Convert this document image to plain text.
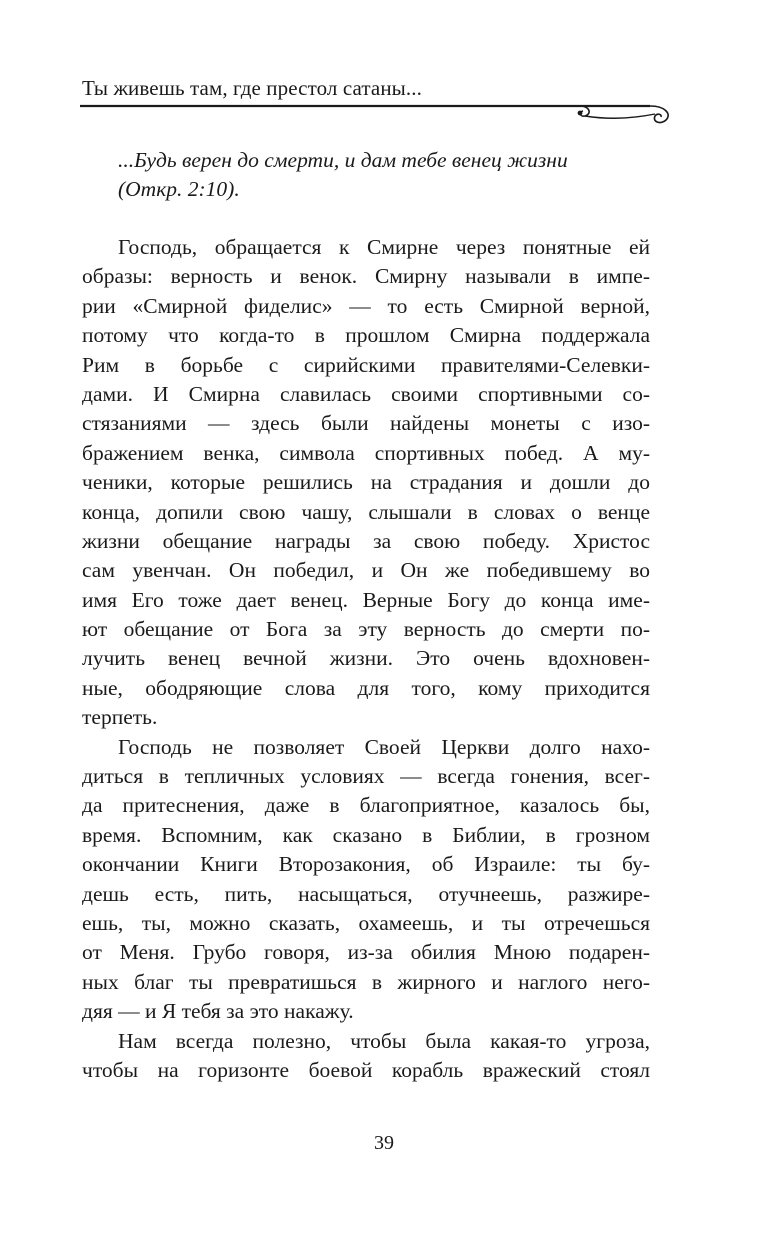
Ты живешь там, где престол сатаны...
...Будь верен до смерти, и дам тебе венец жизни
(Откр. 2:10).
Господь, обращается к Смирне через понятные ей
образы: верность и венок. Смирну называли в импе-
рии «Смирной фиделис» — то есть Смирной верной,
потому что когда-то в прошлом Смирна поддержала
Рим в борьбе с сирийскими правителями-Селевки-
дами. И Смирна славилась своими спортивными со-
стязаниями — здесь были найдены монеты с изо-
бражением венка, символа спортивных побед. А му-
ченики, которые решились на страдания и дошли до
конца, допили свою чашу, слышали в словах о венце
жизни обещание награды за свою победу. Христос
сам увенчан. Он победил, и Он же победившему во
имя Его тоже дает венец. Верные Богу до конца име-
ют обещание от Бога за эту верность до смерти по-
лучить венец вечной жизни. Это очень вдохновен-
ные, ободряющие слова для того, кому приходится
терпеть.
Господь не позволяет Своей Церкви долго нахо-
диться в тепличных условиях — всегда гонения, всег-
да притеснения, даже в благоприятное, казалось бы,
время. Вспомним, как сказано в Библии, в грозном
окончании Книги Второзакония, об Израиле: ты бу-
дешь есть, пить, насыщаться, отучнеешь, разжире-
ешь, ты, можно сказать, охамеешь, и ты отречешься
от Меня. Грубо говоря, из-за обилия Мною подарен-
ных благ ты превратишься в жирного и наглого него-
дяя — и Я тебя за это накажу.
Нам всегда полезно, чтобы была какая-то угроза,
чтобы на горизонте боевой корабль вражеский стоял
39
